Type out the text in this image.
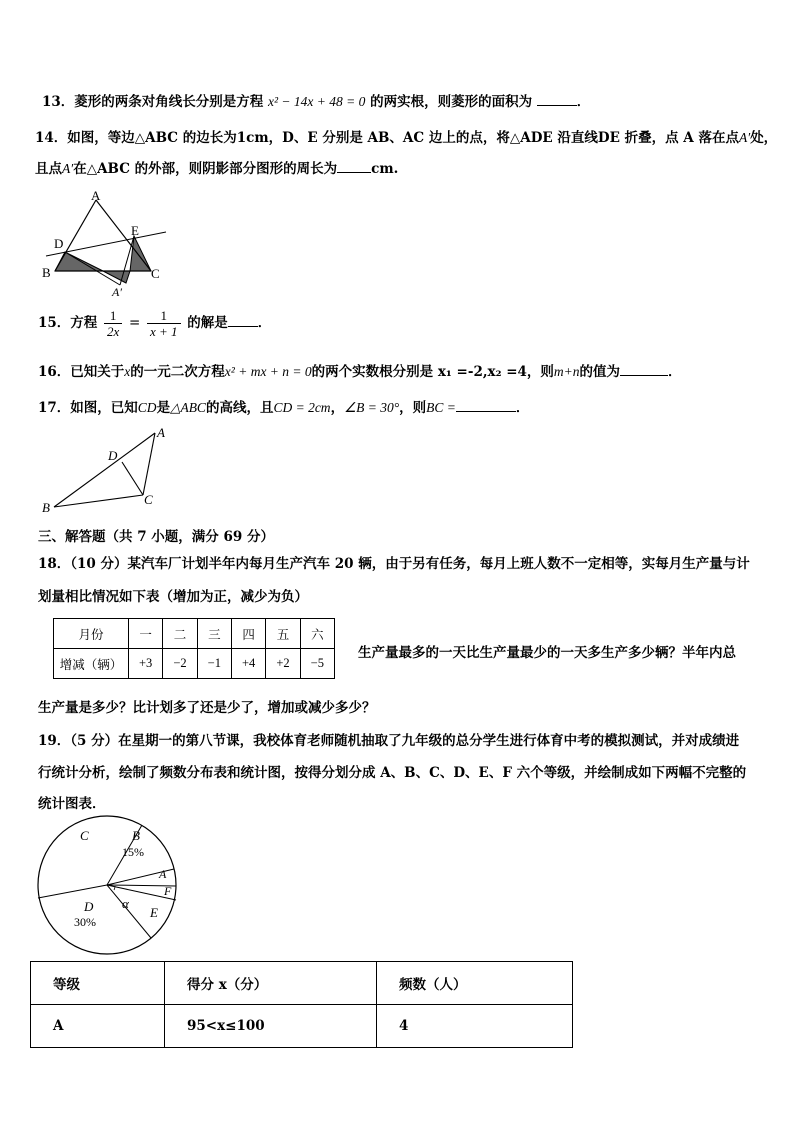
13．菱形的两条对角线长分别是方程 x² − 14x + 48 = 0 的两实根，则菱形的面积为	．
14．如图，等边△ABC 的边长为1cm，D、E 分别是 AB、AC 边上的点，将△ADE 沿直线DE 折叠，点 A 落在点A′处，
且点A′在△ABC 的外部，则阴影部分图形的周长为	cm.
A
D
E
B	C
A′
15．方程 $\frac{1}{2x} = \frac{1}{x + 1}$ 的解是 ．
16．已知关于x的一元二次方程x² + mx + n = 0的两个实数根分别是 x₁ =-2,x₂ =4，则m+n的值为	．
17．如图，已知CD是△ABC的高线，且CD = 2cm，∠B = 30°，则BC =	．
A
D
B
C
三、解答题（共 7 小题，满分 69 分）
18．（10 分）某汽车厂计划半年内每月生产汽车 20 辆，由于另有任务，每月上班人数不一定相等，实每月生产量与计
划量相比情况如下表（增加为正，减少为负）
月份	一	二	三	四	五	六
增减（辆）	+3	−2	−1	+4	+2	−5
生产量最多的一天比生产量最少的一天多生产多少辆？半年内总
生产量是多少？比计划多了还是少了，增加或减少多少？
19．（5 分）在星期一的第八节课，我校体育老师随机抽取了九年级的总分学生进行体育中考的模拟测试，并对成绩进
行统计分析，绘制了频数分布表和统计图，按得分划分成 A、B、C、D、E、F 六个等级，并绘制成如下两幅不完整的
统计图表．
C	B
15%
A
F
α
D
30%
E
等级	得分 x（分）	频数（人）
A	95<x≤100	4
